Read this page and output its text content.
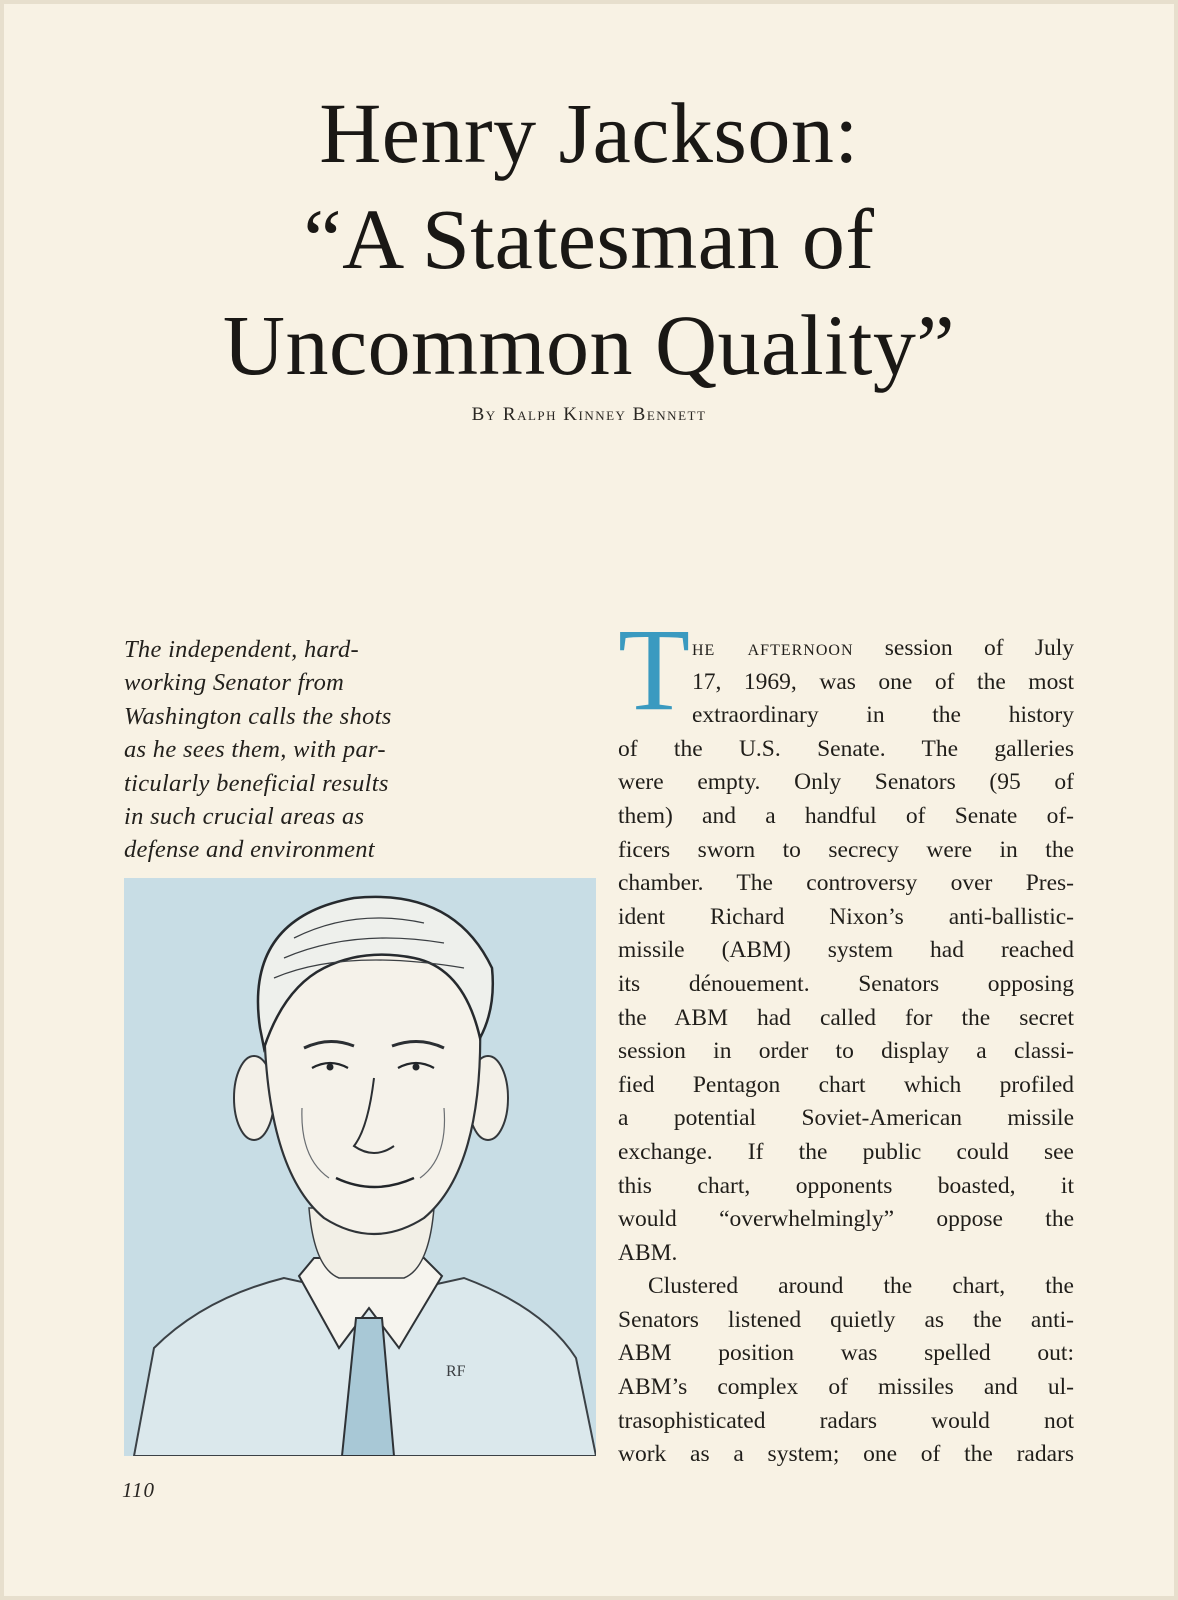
Henry Jackson:
“A Statesman of
Uncommon Quality”
By Ralph Kinney Bennett
The independent, hard-
working Senator from
Washington calls the shots
as he sees them, with par-
ticularly beneficial results
in such crucial areas as
defense and environment
RF
T he afternoon session of July
17, 1969, was one of the most
extraordinary in the history
of the U.S. Senate. The galleries
were empty. Only Senators (95 of
them) and a handful of Senate of-
ficers sworn to secrecy were in the
chamber. The controversy over Pres-
ident Richard Nixon’s anti-ballistic-
missile (ABM) system had reached
its dénouement. Senators opposing
the ABM had called for the secret
session in order to display a classi-
fied Pentagon chart which profiled
a potential Soviet-American missile
exchange. If the public could see
this chart, opponents boasted, it
would “overwhelmingly” oppose the
ABM.
Clustered around the chart, the
Senators listened quietly as the anti-
ABM position was spelled out:
ABM’s complex of missiles and ul-
trasophisticated radars would not
work as a system; one of the radars
110
